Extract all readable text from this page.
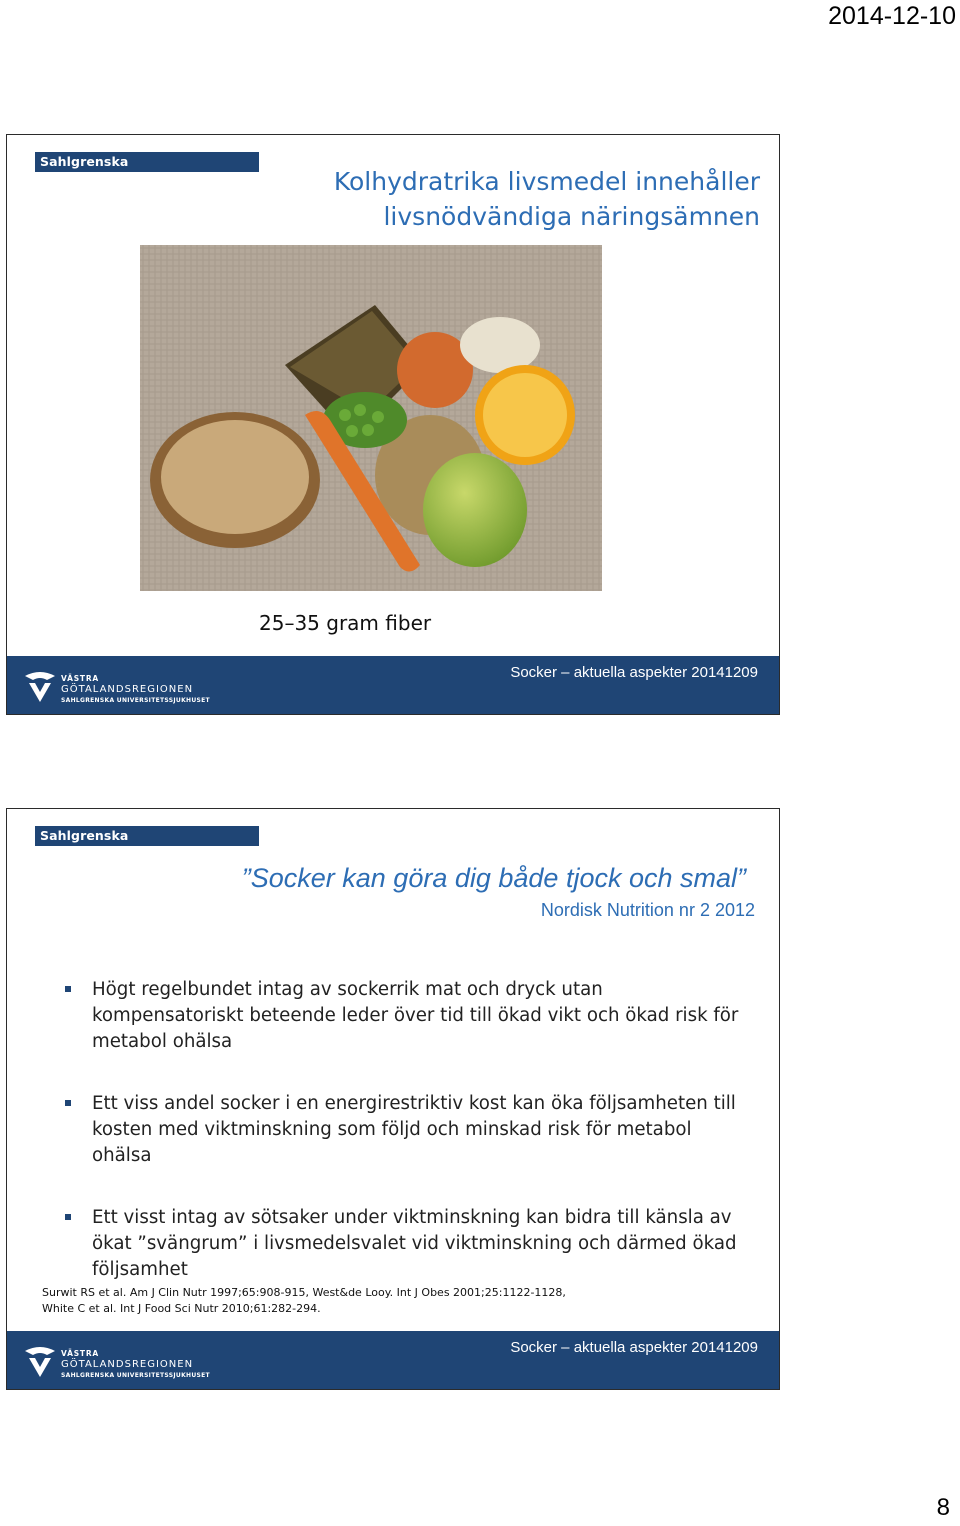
2014-12-10
Sahlgrenska Universitetssjukhuset	Kolhydratrika livsmedel innehåller
livsnödvändiga näringsämnen
25–35 gram fiber
VÄSTRA
GÖTALANDSREGIONEN
SAHLGRENSKA UNIVERSITETSSJUKHUSET
Socker – aktuella aspekter 20141209
Sahlgrenska Universitetssjukhuset
”Socker kan göra dig både tjock och smal”
Nordisk Nutrition nr 2 2012
Högt regelbundet intag av sockerrik mat och dryck utan kompensatoriskt beteende leder över tid till ökad vikt och ökad risk för metabol ohälsa
Ett viss andel socker i en energirestriktiv kost kan öka följsamheten till kosten med viktminskning som följd och minskad risk för metabol ohälsa
Ett visst intag av sötsaker under viktminskning kan bidra till känsla av ökat ”svängrum” i livsmedelsvalet vid viktminskning och därmed ökad följsamhet
Surwit RS et al. Am J Clin Nutr 1997;65:908-915, West&de Looy. Int J Obes 2001;25:1122-1128,
White C et al. Int J Food Sci Nutr 2010;61:282-294.
VÄSTRA
GÖTALANDSREGIONEN
SAHLGRENSKA UNIVERSITETSSJUKHUSET
Socker – aktuella aspekter 20141209
8
